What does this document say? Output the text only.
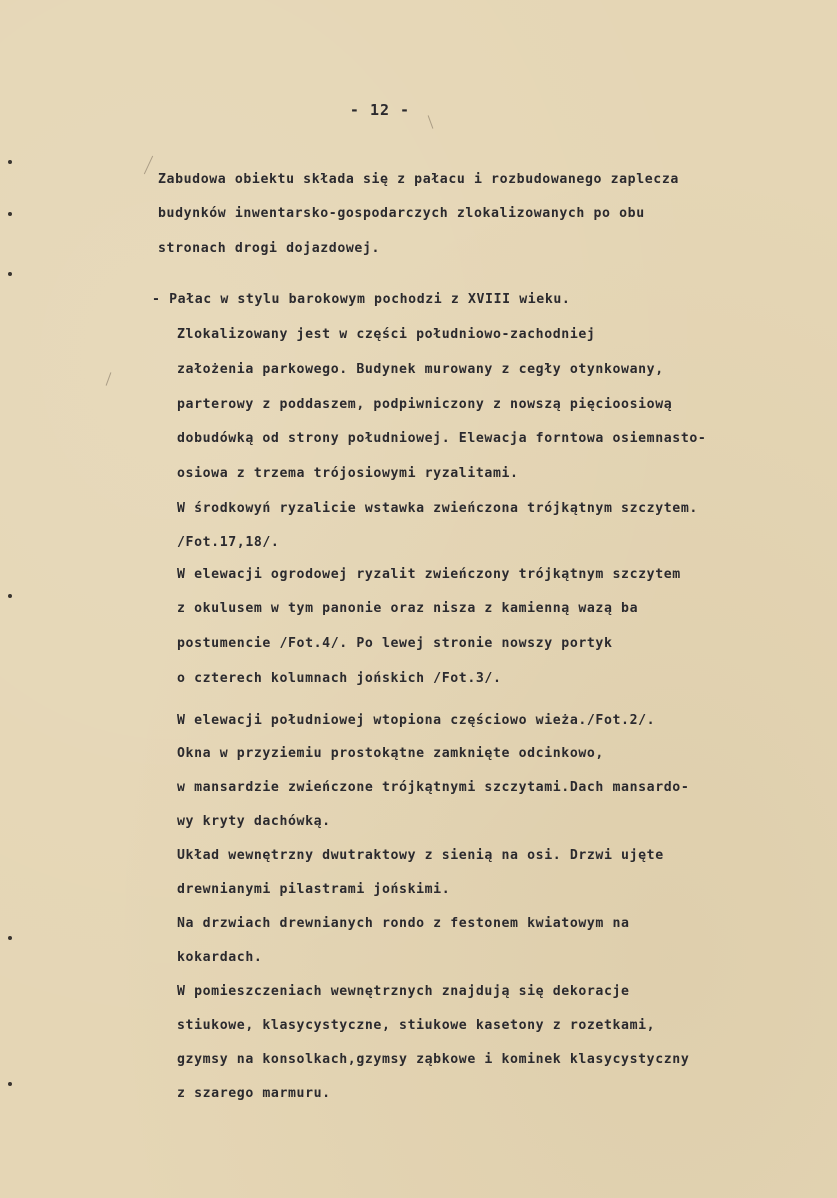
- 12 -
Zabudowa obiektu składa się z pałacu i rozbudowanego zaplecza
budynków inwentarsko-gospodarczych zlokalizowanych po obu
stronach drogi dojazdowej.
- Pałac w stylu barokowym pochodzi z XVIII wieku.
Zlokalizowany jest w części południowo-zachodniej
założenia parkowego. Budynek murowany z cegły otynkowany,
parterowy z poddaszem, podpiwniczony z nowszą pięcioosiową
dobudówką od strony południowej. Elewacja forntowa osiemnasto-
osiowa z trzema trójosiowymi ryzalitami.
W środkowyń ryzalicie wstawka zwieńczona trójkątnym szczytem.
/Fot.17,18/.
W elewacji ogrodowej ryzalit zwieńczony trójkątnym szczytem
z okulusem w tym panonie oraz nisza z kamienną wazą ba
postumencie /Fot.4/. Po lewej stronie nowszy portyk
o czterech kolumnach jońskich /Fot.3/.
W elewacji południowej wtopiona częściowo wieża./Fot.2/.
Okna w przyziemiu prostokątne zamknięte odcinkowo,
w mansardzie zwieńczone trójkątnymi szczytami.Dach mansardo-
wy kryty dachówką.
Układ wewnętrzny dwutraktowy z sienią na osi. Drzwi ujęte
drewnianymi pilastrami jońskimi.
Na drzwiach drewnianych rondo z festonem kwiatowym na
kokardach.
W pomieszczeniach wewnętrznych znajdują się dekoracje
stiukowe, klasycystyczne, stiukowe kasetony z rozetkami,
gzymsy na konsolkach,gzymsy ząbkowe i kominek klasycystyczny
z szarego marmuru.
